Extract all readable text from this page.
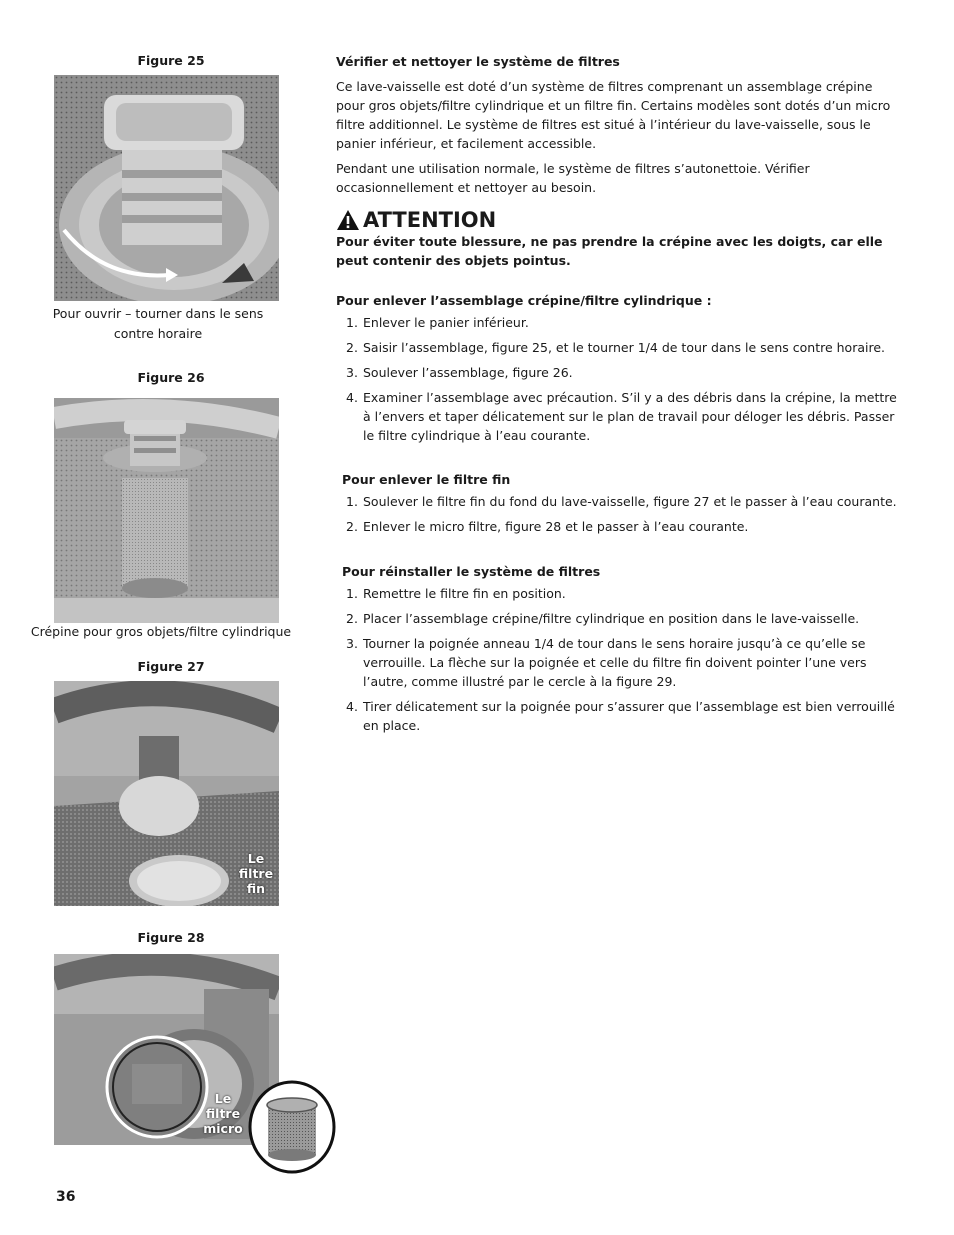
Figure 25
Pour ouvrir – tourner dans le sens
contre horaire
Figure 26
Crépine pour gros objets/filtre cylindrique
Figure 27
Le
filtre
fin
Figure 28
Le
filtre
micro

Vérifier et nettoyer le système de filtres

Ce lave-vaisselle est doté d’un système de filtres comprenant un assemblage crépine pour gros objets/filtre cylindrique et un filtre fin. Certains modèles sont dotés d’un micro filtre additionnel. Le système de filtres est situé à l’intérieur du lave-vaisselle, sous le panier inférieur, et facilement accessible.

Pendant une utilisation normale, le système de filtres s’autonettoie. Vérifier occasionnellement et nettoyer au besoin.

ATTENTION

Pour éviter toute blessure, ne pas prendre la crépine avec les doigts, car elle peut contenir des objets pointus.

Pour enlever l’assemblage crépine/filtre cylindrique :

1. Enlever le panier inférieur.
2. Saisir l’assemblage, figure 25, et le tourner 1/4 de tour dans le sens contre horaire.
3. Soulever l’assemblage, figure 26.
4. Examiner l’assemblage avec précaution. S’il y a des débris dans la crépine, la mettre à l’envers et taper délicatement sur le plan de travail pour déloger les débris. Passer le filtre cylindrique à l’eau courante.

Pour enlever le filtre fin

1. Soulever le filtre fin du fond du lave-vaisselle, figure 27 et le passer à l’eau courante.
2. Enlever le micro filtre, figure 28 et le passer à l’eau courante.

Pour réinstaller le système de filtres

1. Remettre le filtre fin en position.
2. Placer l’assemblage crépine/filtre cylindrique en position dans le lave-vaisselle.
3. Tourner la poignée anneau 1/4 de tour dans le sens horaire jusqu’à ce qu’elle se verrouille. La flèche sur la poignée et celle du filtre fin doivent pointer l’une vers l’autre, comme illustré par le cercle à la figure 29.
4. Tirer délicatement sur la poignée pour s’assurer que l’assemblage est bien verrouillé en place.
36
